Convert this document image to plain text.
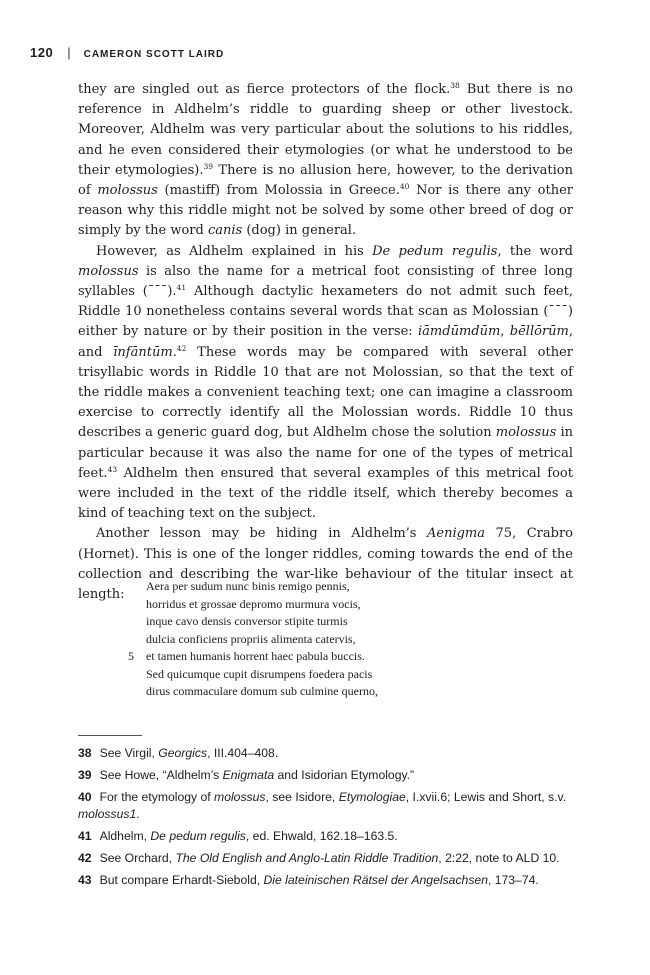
120 | CAMERON SCOTT LAIRD

they are singled out as fierce protectors of the flock.$^{38}$ But there is no reference in Aldhelm’s riddle to guarding sheep or other livestock. Moreover, Aldhelm was very particular about the solutions to his riddles, and he even considered their etymologies (or what he understood to be their etymologies).$^{39}$ There is no allusion here, however, to the derivation of molossus (mastiff) from Molossia in Greece.$^{40}$ Nor is there any other reason why this riddle might not be solved by some other breed of dog or simply by the word canis (dog) in general.

However, as Aldhelm explained in his De pedum regulis, the word molossus is also the name for a metrical foot consisting of three long syllables (¯¯¯).$^{41}$ Although dactylic hexameters do not admit such feet, Riddle 10 nonetheless contains several words that scan as Molossian (¯¯¯) either by nature or by their position in the verse: iāmdūmdūm, bēllōrūm, and īnfāntūm.$^{42}$ These words may be compared with several other trisyllabic words in Riddle 10 that are not Molossian, so that the text of the riddle makes a convenient teaching text; one can imagine a classroom exercise to correctly identify all the Molossian words. Riddle 10 thus describes a generic guard dog, but Aldhelm chose the solution molossus in particular because it was also the name for one of the types of metrical feet.$^{43}$ Aldhelm then ensured that several examples of this metrical foot were included in the text of the riddle itself, which thereby becomes a kind of teaching text on the subject.

Another lesson may be hiding in Aldhelm’s Aenigma 75, Crabro (Hornet). This is one of the longer riddles, coming towards the end of the collection and describing the war-like behaviour of the titular insect at length:

Aera per sudum nunc binis remigo pennis,
horridus et grossae depromo murmura vocis,
inque cavo densis conversor stipite turmis
dulcia conficiens propriis alimenta catervis,
5	et tamen humanis horrent haec pabula buccis.
Sed quicumque cupit disrumpens foedera pacis
dirus commaculare domum sub culmine querno,
38 See Virgil, Georgics, III.404–408.
39 See Howe, “Aldhelm’s Enigmata and Isidorian Etymology.”
40 For the etymology of molossus, see Isidore, Etymologiae, I.xvii.6; Lewis and Short, s.v. molossus1.
41 Aldhelm, De pedum regulis, ed. Ehwald, 162.18–163.5.
42 See Orchard, The Old English and Anglo-Latin Riddle Tradition, 2:22, note to ALD 10.
43 But compare Erhardt-Siebold, Die lateinischen Rätsel der Angelsachsen, 173–74.
